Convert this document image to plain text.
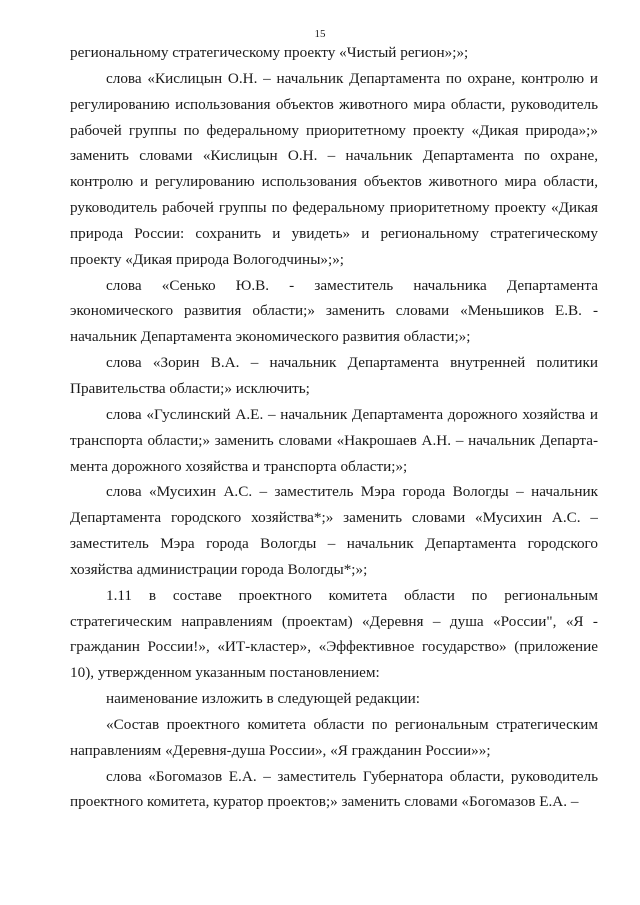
15
региональному стратегическому проекту «Чистый регион»;»;
слова «Кислицын О.Н. – начальник Департамента по охране, контролю и
регулированию использования объектов животного мира области, руководитель
рабочей группы по федеральному приоритетному проекту «Дикая природа»;»
заменить словами «Кислицын О.Н. – начальник Департамента по охране,
контролю и регулированию использования объектов животного мира области,
руководитель рабочей группы по федеральному приоритетному проекту «Дикая
природа России: сохранить и увидеть» и региональному стратегическому
проекту «Дикая природа Вологодчины»;»;
слова «Сенько Ю.В. - заместитель начальника Департамента
экономического развития области;» заменить словами «Меньшиков Е.В. -
начальник Департамента экономического развития области;»;
слова «Зорин В.А. – начальник Департамента внутренней политики
Правительства области;» исключить;
слова «Гуслинский А.Е. – начальник Департамента дорожного хозяйства и
транспорта области;» заменить словами «Накрошаев А.Н. – начальник Департа-
мента дорожного хозяйства и транспорта области;»;
слова «Мусихин А.С. – заместитель Мэра города Вологды – начальник
Департамента городского хозяйства*;» заменить словами «Мусихин А.С. –
заместитель Мэра города Вологды – начальник Департамента городского
хозяйства администрации города Вологды*;»;
1.11 в составе проектного комитета области по региональным
стратегическим направлениям (проектам) «Деревня – душа «России", «Я -
гражданин России!», «ИТ-кластер», «Эффективное государство» (приложение
10), утвержденном указанным постановлением:
наименование изложить в следующей редакции:
«Состав проектного комитета области по региональным стратегическим
направлениям «Деревня-душа России», «Я гражданин России»»;
слова «Богомазов Е.А. – заместитель Губернатора области, руководитель
проектного комитета, куратор проектов;» заменить словами «Богомазов Е.А. –
